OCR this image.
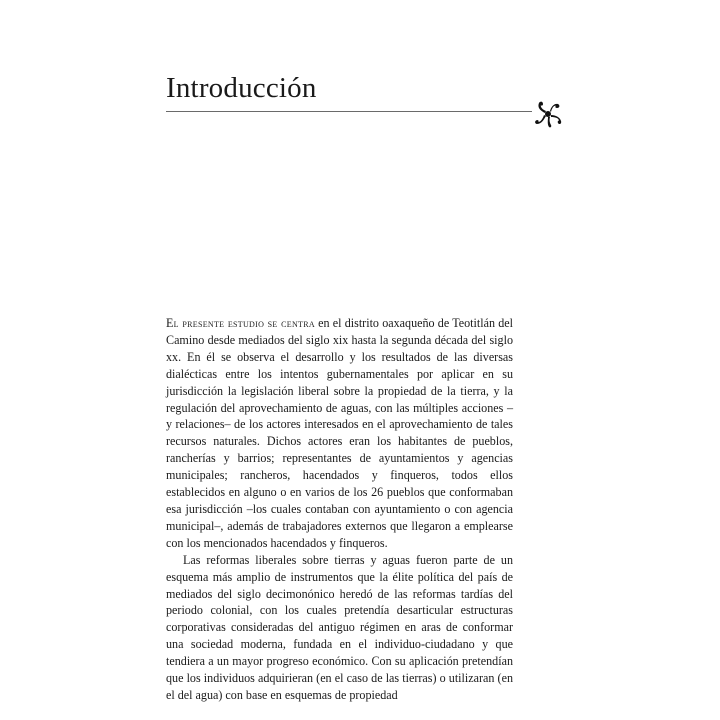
Introducción

El presente estudio se centra en el distrito oaxaqueño de Teotitlán del Camino desde mediados del siglo xix hasta la segunda década del siglo xx. En él se observa el desarrollo y los resultados de las diversas dialécticas entre los intentos gubernamentales por aplicar en su jurisdicción la legislación liberal sobre la propiedad de la tierra, y la regulación del aprovechamiento de aguas, con las múltiples acciones –y relaciones– de los actores interesados en el aprovechamiento de tales recursos naturales. Dichos actores eran los habitantes de pueblos, rancherías y barrios; representantes de ayuntamientos y agencias municipales; rancheros, hacendados y finqueros, todos ellos establecidos en alguno o en varios de los 26 pueblos que conformaban esa jurisdicción –los cuales contaban con ayuntamiento o con agencia municipal–, además de trabajadores externos que llegaron a emplearse con los mencionados hacendados y finqueros.

Las reformas liberales sobre tierras y aguas fueron parte de un esquema más amplio de instrumentos que la élite política del país de mediados del siglo decimonónico heredó de las reformas tardías del periodo colonial, con los cuales pretendía desarticular estructuras corporativas consideradas del antiguo régimen en aras de conformar una sociedad moderna, fundada en el individuo-ciudadano y que tendiera a un mayor progreso económico. Con su aplicación pretendían que los individuos adquirieran (en el caso de las tierras) o utilizaran (en el del agua) con base en esquemas de propiedad
